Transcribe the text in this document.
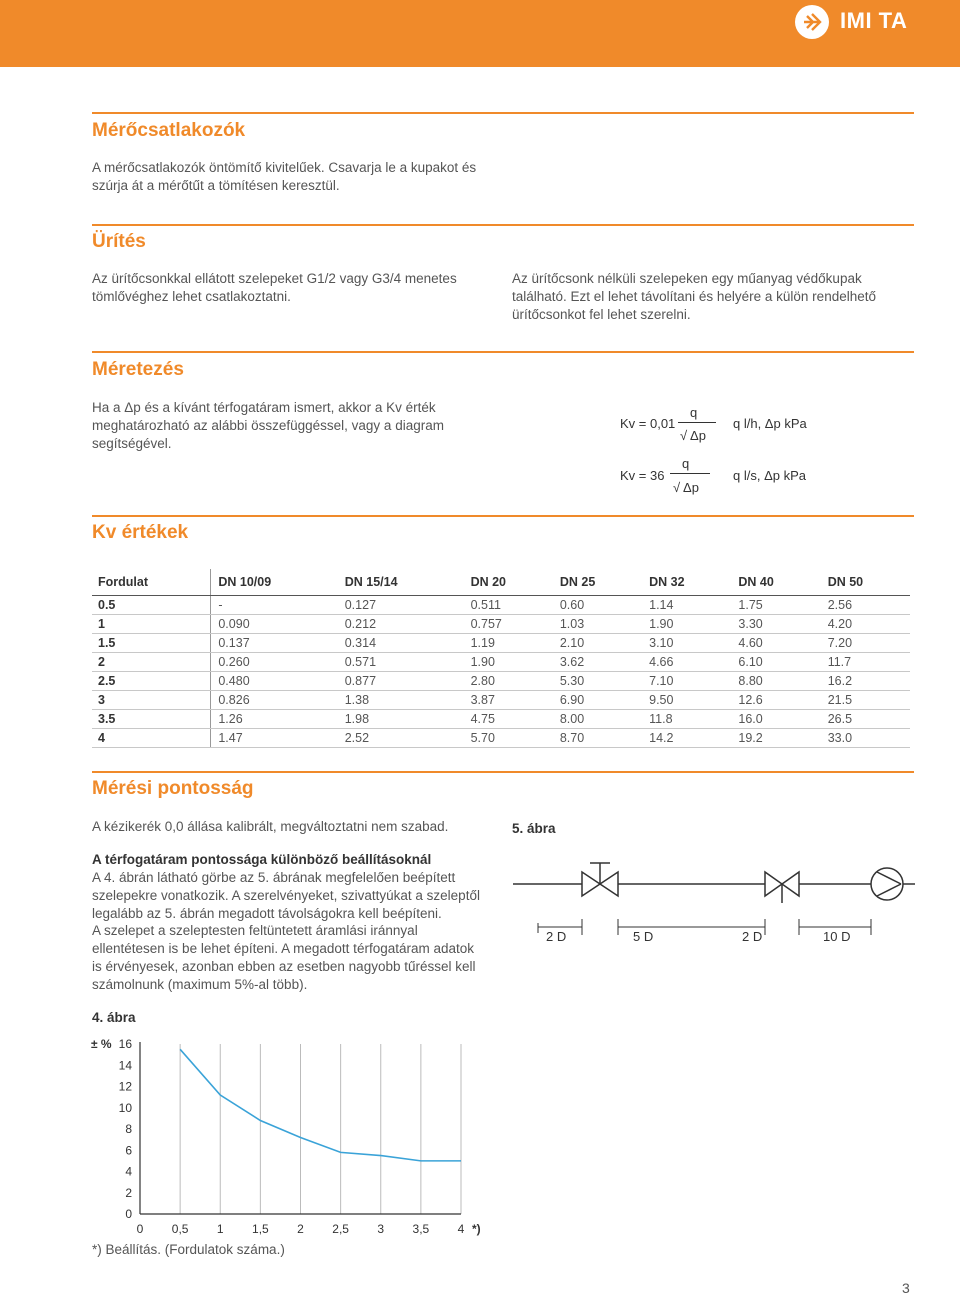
IMI TA
Mérőcsatlakozók

A mérőcsatlakozók öntömítő kivitelűek. Csavarja le a kupakot és

szúrja át a mérőtűt a tömítésen keresztül.

Ürítés

Az ürítőcsonkkal ellátott szelepeket G1/2 vagy G3/4 menetes

tömlővéghez lehet csatlakoztatni.

Az ürítőcsonk nélküli szelepeken egy műanyag védőkupak

található. Ezt el lehet távolítani és helyére a külön rendelhető

ürítőcsonkot fel lehet szerelni.

Méretezés

Ha a Δp és a kívánt térfogatáram ismert, akkor a Kv érték

meghatározható az alábbi összefüggéssel, vagy a diagram

segítségével.

Kv = 0,01
q
√ Δp
q l/h, Δp kPa
Kv = 36
q
√ Δp
q l/s, Δp kPa
Kv értékek
Fordulat	DN 10/09	DN 15/14	DN 20	DN 25	DN 32	DN 40	DN 50
0.5	-	0.127	0.511	0.60	1.14	1.75	2.56
1	0.090	0.212	0.757	1.03	1.90	3.30	4.20
1.5	0.137	0.314	1.19	2.10	3.10	4.60	7.20
2	0.260	0.571	1.90	3.62	4.66	6.10	11.7
2.5	0.480	0.877	2.80	5.30	7.10	8.80	16.2
3	0.826	1.38	3.87	6.90	9.50	12.6	21.5
3.5	1.26	1.98	4.75	8.00	11.8	16.0	26.5
4	1.47	2.52	5.70	8.70	14.2	19.2	33.0
Mérési pontosság

A kézikerék 0,0 állása kalibrált, megváltoztatni nem szabad.

A térfogatáram pontossága különböző beállításoknál

A 4. ábrán látható görbe az 5. ábrának megfelelően beépített

szelepekre vonatkozik. A szerelvényeket, szivattyúkat a szeleptől

legalább az 5. ábrán megadott távolságokra kell beépíteni.

A szelepet a szeleptesten feltüntetett áramlási iránnyal

ellentétesen is be lehet építeni. A megadott térfogatáram adatok

is érvényesek, azonban ebben az esetben nagyobb tűréssel kell

számolnunk (maximum 5%-al több).

5. ábra

2 D	5 D	2 D	10 D

4. ábra

0 0,5 1 1,5 2 2,5 3 3,5 4
0
2
4
6
8
10
12
14
16
± %
*)

*) Beállítás. (Fordulatok száma.)

3
